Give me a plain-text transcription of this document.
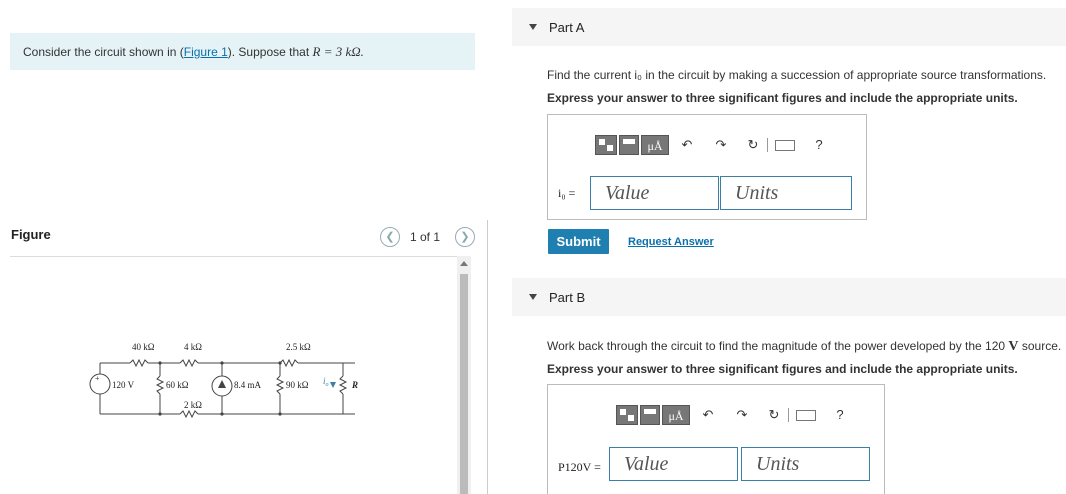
Consider the circuit shown in (Figure 1). Suppose that R = 3 kΩ.
Figure	❮	1 of 1	❯
40 kΩ	4 kΩ	2.5 kΩ
+
120 V	60 kΩ	8.4 mA	90 kΩ
2 kΩ
$i_o$	R
Part A
Find the current i₀ in the circuit by making a succession of appropriate source transformations.
Express your answer to three significant figures and include the appropriate units.
μÅ	↶ ↷ ↻	?
i₀ =	Value	Units
Submit	Request Answer
Part B
Work back through the circuit to find the magnitude of the power developed by the 120 V source.
Express your answer to three significant figures and include the appropriate units.
μÅ	↶ ↷ ↻	?
P120V =	Value	Units
